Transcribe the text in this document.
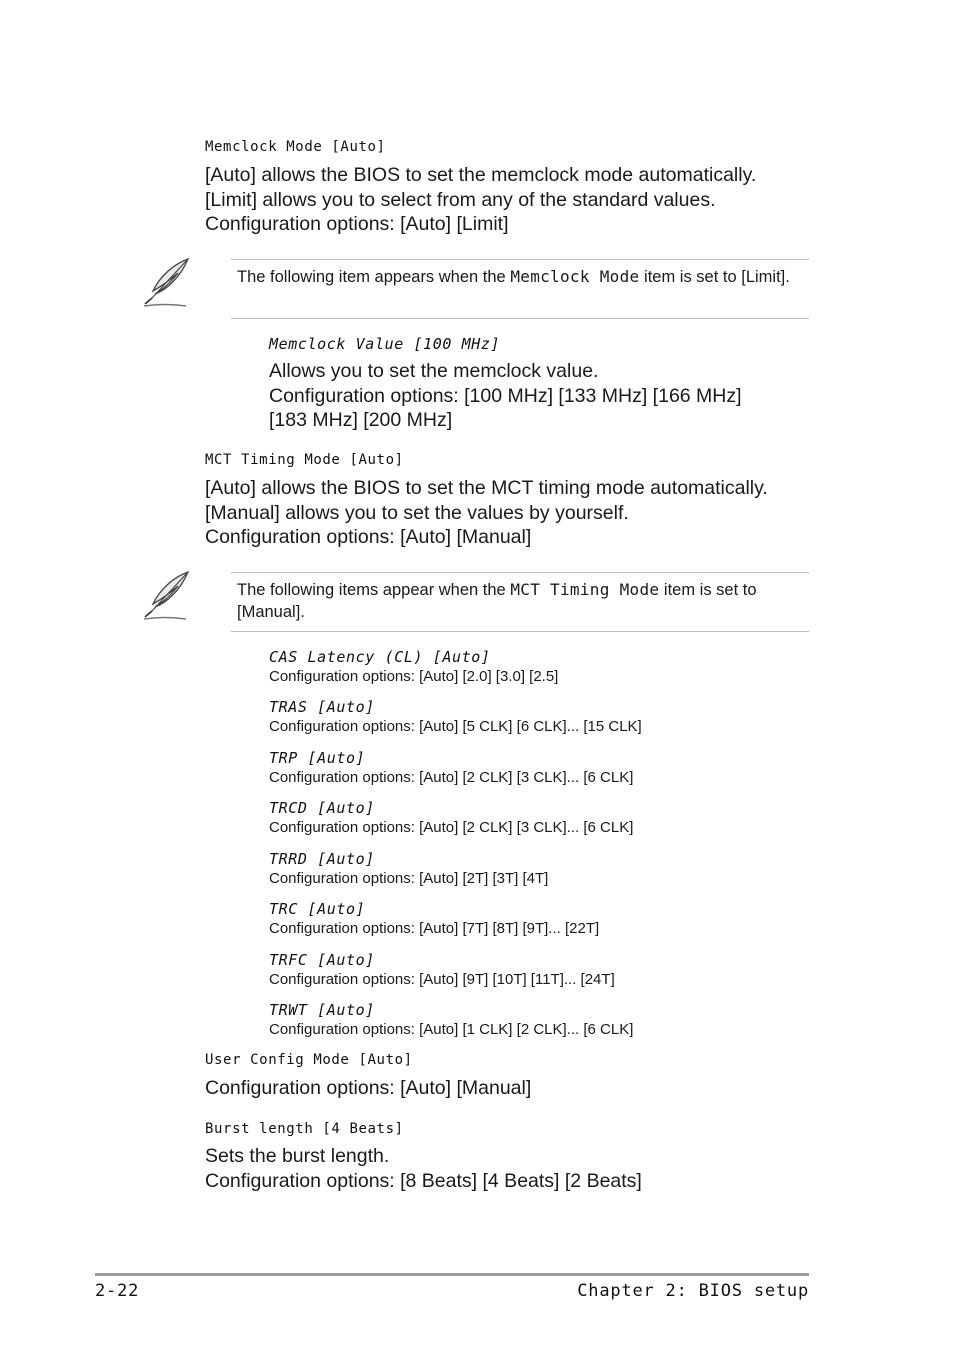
Memclock Mode [Auto]
[Auto] allows the BIOS to set the memclock mode automatically.
[Limit] allows you to select from any of the standard values.
Configuration options: [Auto] [Limit]
The following item appears when the Memclock Mode item is set to [Limit].
Memclock Value [100 MHz]
Allows you to set the memclock value.
Configuration options: [100 MHz] [133 MHz] [166 MHz]
[183 MHz] [200 MHz]
MCT Timing Mode [Auto]
[Auto] allows the BIOS to set the MCT timing mode automatically.
[Manual] allows you to set the values by yourself.
Configuration options: [Auto] [Manual]
The following items appear when the MCT Timing Mode item is set to [Manual].
CAS Latency (CL) [Auto]
Configuration options: [Auto] [2.0] [3.0] [2.5]
TRAS [Auto]
Configuration options: [Auto] [5 CLK] [6 CLK]... [15 CLK]
TRP [Auto]
Configuration options: [Auto] [2 CLK] [3 CLK]... [6 CLK]
TRCD [Auto]
Configuration options: [Auto] [2 CLK] [3 CLK]... [6 CLK]
TRRD [Auto]
Configuration options: [Auto] [2T] [3T] [4T]
TRC [Auto]
Configuration options: [Auto] [7T] [8T] [9T]... [22T]
TRFC [Auto]
Configuration options: [Auto] [9T] [10T] [11T]... [24T]
TRWT [Auto]
Configuration options: [Auto] [1 CLK] [2 CLK]... [6 CLK]
User Config Mode [Auto]
Configuration options: [Auto] [Manual]
Burst length [4 Beats]
Sets the burst length.
Configuration options: [8 Beats] [4 Beats] [2 Beats]
2-22	Chapter 2: BIOS setup
